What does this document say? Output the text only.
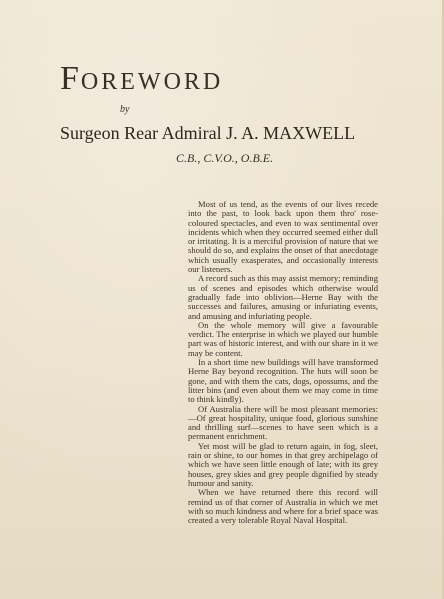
FOREWORD
by
Surgeon Rear Admiral J. A. MAXWELL
C.B., C.V.O., O.B.E.

Most of us tend, as the events of our lives recede into the past, to look back upon them thro' rose-coloured spectacles, and even to wax sentimental over incidents which when they occurred seemed either dull or irritating. It is a merciful provision of nature that we should do so, and explains the onset of that anecdotage which usually exasperates, and occasionally interests our listeners.

A record such as this may assist memory; reminding us of scenes and episodes which otherwise would gradually fade into oblivion—Herne Bay with the successes and failures, amusing or infuriating events, and amusing and infuriating people.

On the whole memory will give a favourable verdict. The enterprise in which we played our humble part was of historic interest, and with our share in it we may be content.

In a short time new buildings will have transformed Herne Bay beyond recognition. The huts will soon be gone, and with them the cats, dogs, opossums, and the litter bins (and even about them we may come in time to think kindly).

Of Australia there will be most pleasant memories:—Of great hospitality, unique food, glorious sunshine and thrilling surf—scenes to have seen which is a permanent enrichment.

Yet most will be glad to return again, in fog, sleet, rain or shine, to our homes in that grey archipelago of which we have seen little enough of late; with its grey houses, grey skies and grey people dignified by steady humour and sanity.

When we have returned there this record will remind us of that corner of Australia in which we met with so much kindness and where for a brief space was created a very tolerable Royal Naval Hospital.
